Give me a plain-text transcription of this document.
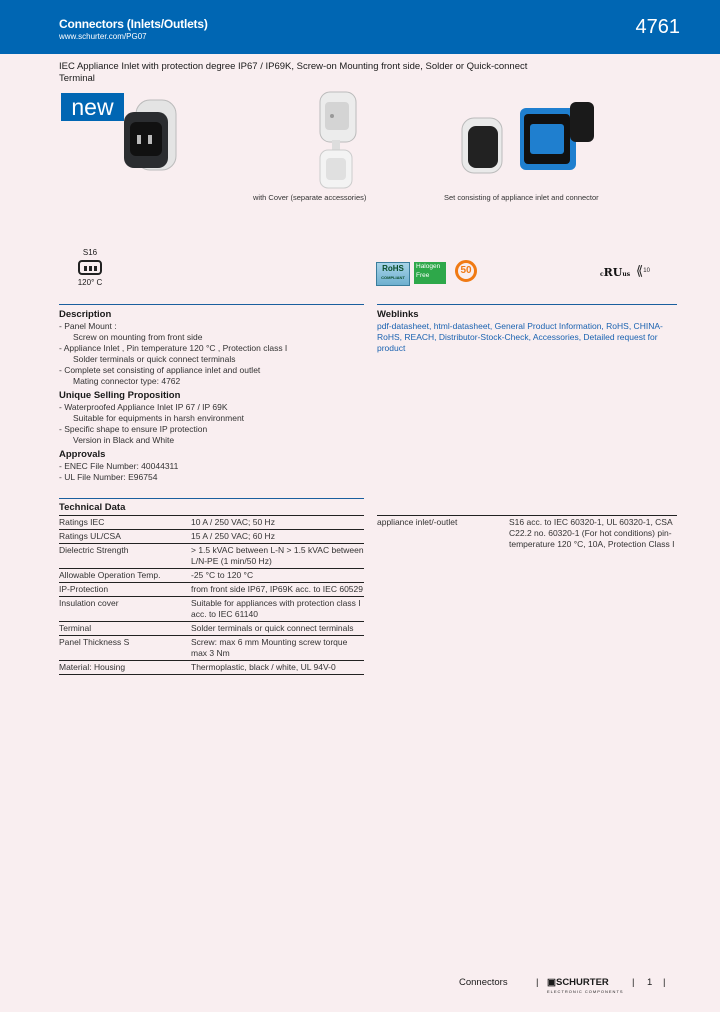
Connectors (Inlets/Outlets)
www.schurter.com/PG07	4761
IEC Appliance Inlet with protection degree IP67 / IP69K, Screw-on Mounting front side, Solder or Quick-connect Terminal
new
with Cover (separate accessories)	Set consisting of appliance inlet and connector
S16
120° C
RoHS
COMPLIANT
Halogen
Free	50	cRUus ⟪$^{10}$
Description
- Panel Mount :
Screw on mounting from front side
- Appliance Inlet , Pin temperature 120 °C , Protection class I
Solder terminals or quick connect terminals
- Complete set consisting of appliance inlet and outlet
Mating connector type: 4762
Unique Selling Proposition
- Waterproofed Appliance Inlet IP 67 / IP 69K
Suitable for equipments in harsh environment
- Specific shape to ensure IP protection
Version in Black and White
Approvals
- ENEC File Number: 40044311
- UL File Number: E96754
Weblinks
pdf-datasheet, html-datasheet, General Product Information, RoHS, CHINA-RoHS, REACH, Distributor-Stock-Check, Accessories, Detailed request for product
Technical Data
Ratings IEC	10 A / 250 VAC; 50 Hz
Ratings UL/CSA	15 A / 250 VAC; 60 Hz
Dielectric Strength	> 1.5 kVAC between L-N > 1.5 kVAC between L/N-PE (1 min/50 Hz)
Allowable Operation Temp.	-25 °C to 120 °C
IP-Protection	from front side IP67, IP69K acc. to IEC 60529
Insulation cover	Suitable for appliances with protection class I acc. to IEC 61140
Terminal	Solder terminals or quick connect terminals
Panel Thickness S	Screw: max 6 mm Mounting screw torque max 3 Nm
Material: Housing	Thermoplastic, black / white, UL 94V-0
appliance inlet/-outlet	S16 acc. to IEC 60320-1, UL 60320-1, CSA C22.2 no. 60320-1 (For hot conditions) pin-temperature 120 °C, 10A, Protection Class I
Connectors	| ▣SCHURTER
ELECTRONIC COMPONENTS
| 1 |
